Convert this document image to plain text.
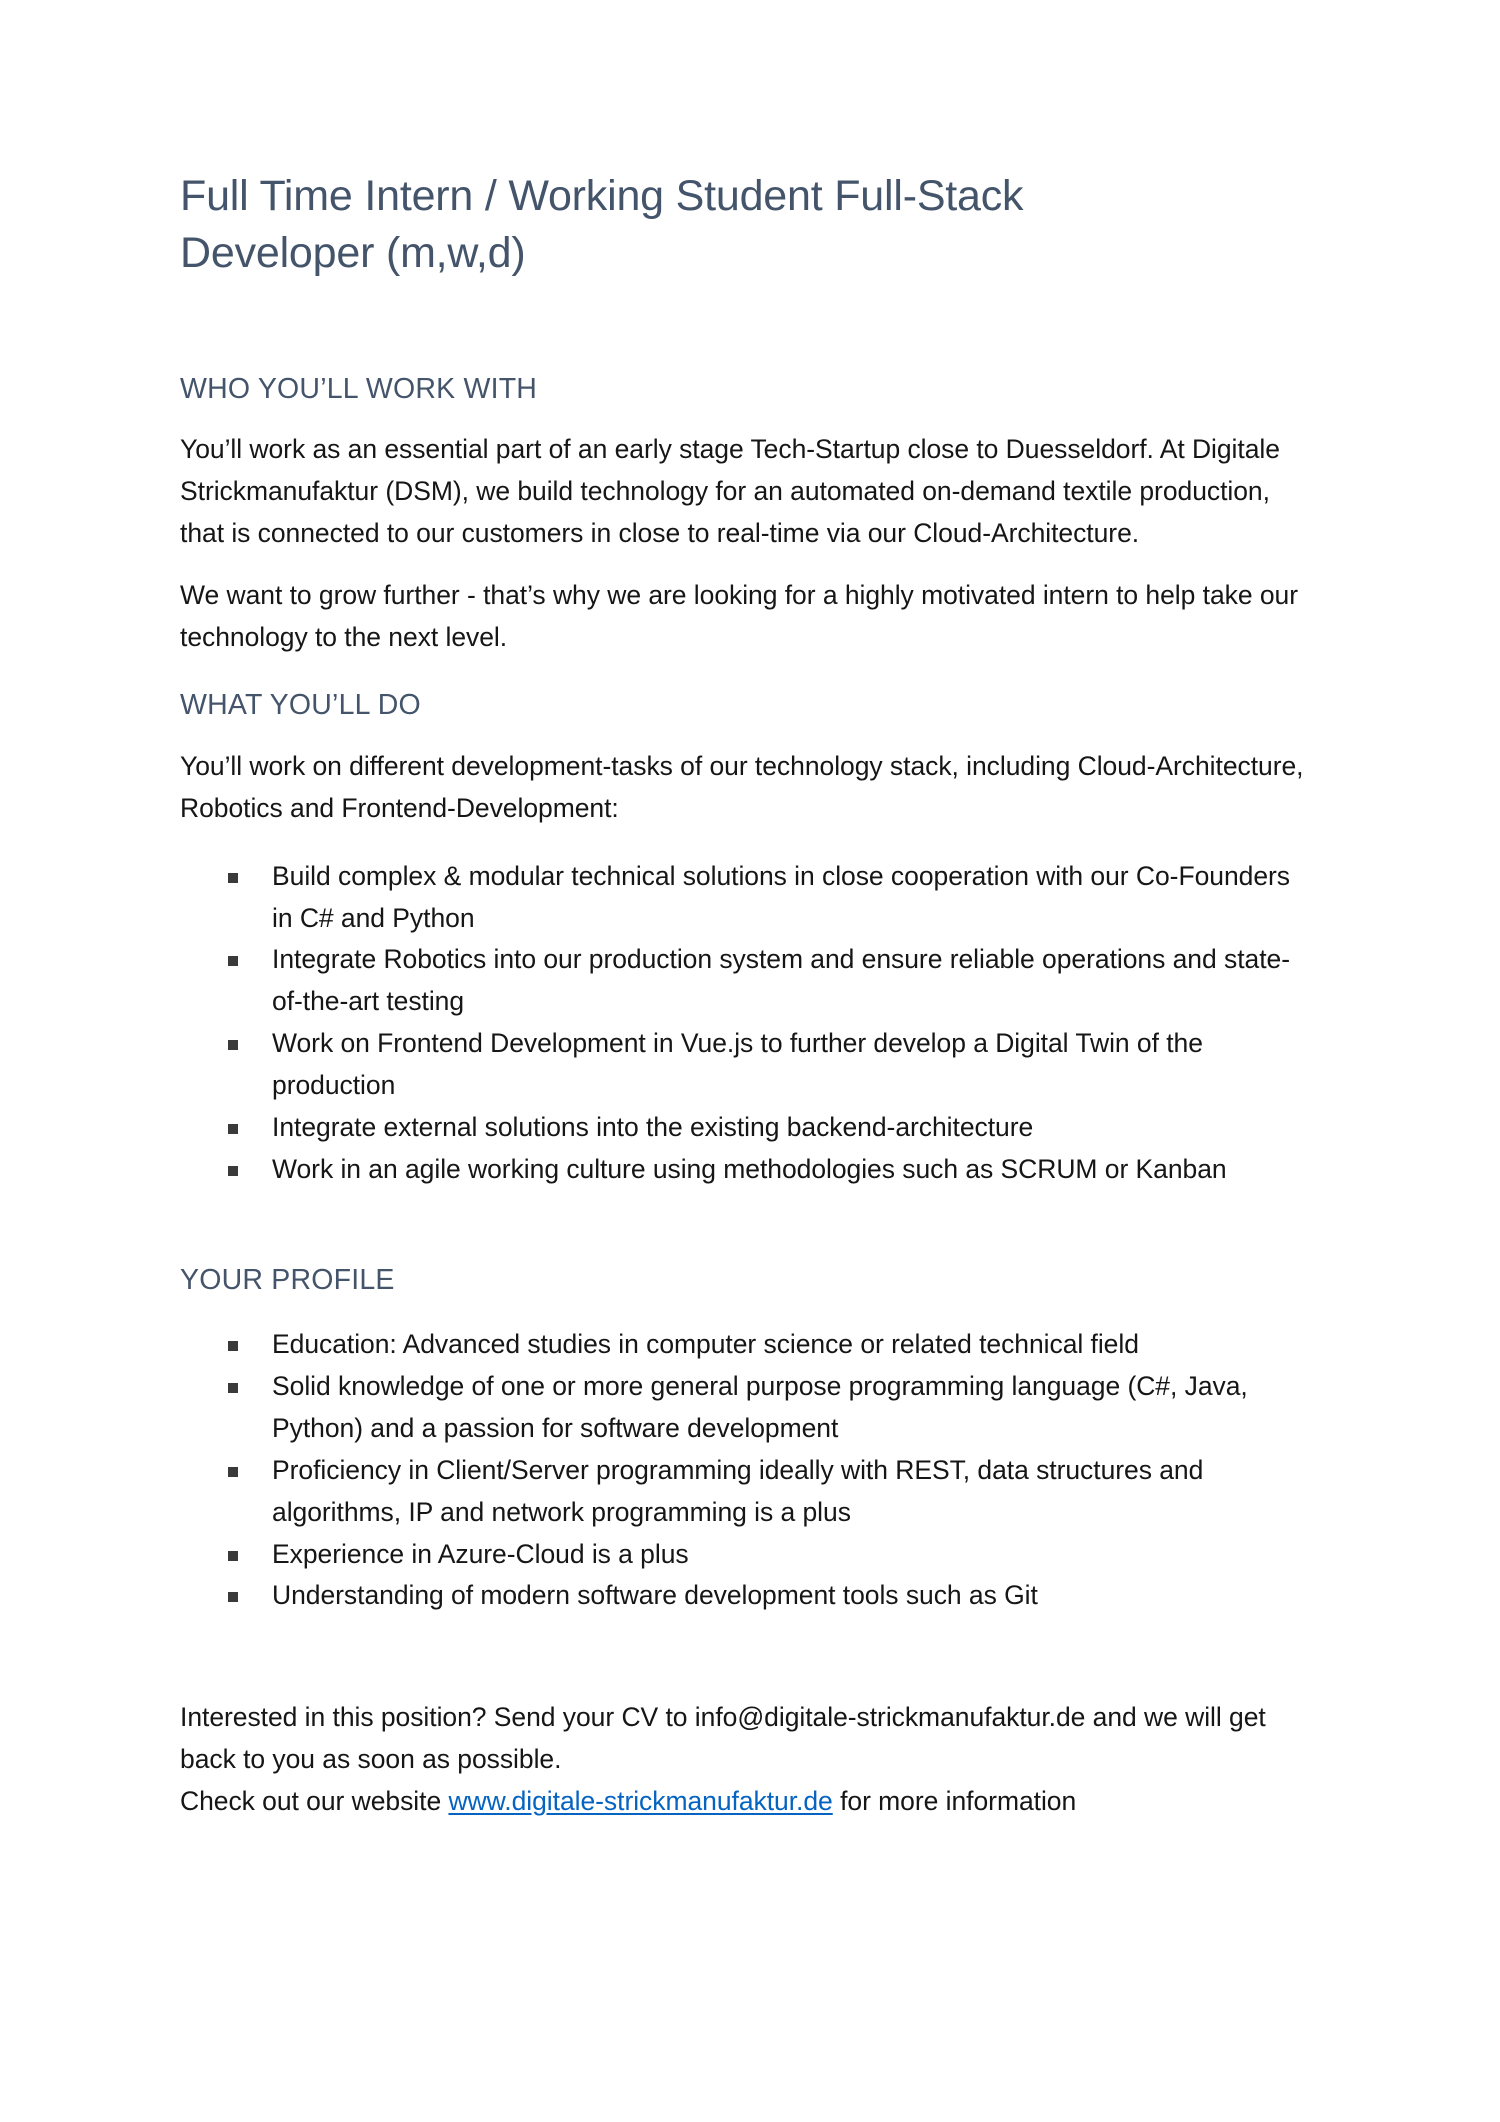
Full Time Intern / Working Student Full-Stack Developer (m,w,d)
WHO YOU’LL WORK WITH

You’ll work as an essential part of an early stage Tech-Startup close to Duesseldorf. At Digitale Strickmanufaktur (DSM), we build technology for an automated on-demand textile production, that is connected to our customers in close to real-time via our Cloud-Architecture.

We want to grow further - that’s why we are looking for a highly motivated intern to help take our technology to the next level.

WHAT YOU’LL DO

You’ll work on different development-tasks of our technology stack, including Cloud-Architecture, Robotics and Frontend-Development:

Build complex & modular technical solutions in close cooperation with our Co-Founders in C# and Python
Integrate Robotics into our production system and ensure reliable operations and state-of-the-art testing
Work on Frontend Development in Vue.js to further develop a Digital Twin of the production
Integrate external solutions into the existing backend-architecture
Work in an agile working culture using methodologies such as SCRUM or Kanban
YOUR PROFILE
Education: Advanced studies in computer science or related technical field
Solid knowledge of one or more general purpose programming language (C#, Java, Python) and a passion for software development
Proficiency in Client/Server programming ideally with REST, data structures and algorithms, IP and network programming is a plus
Experience in Azure-Cloud is a plus
Understanding of modern software development tools such as Git

Interested in this position? Send your CV to info@digitale-strickmanufaktur.de and we will get back to you as soon as possible.

Check out our website www.digitale-strickmanufaktur.de for more information
